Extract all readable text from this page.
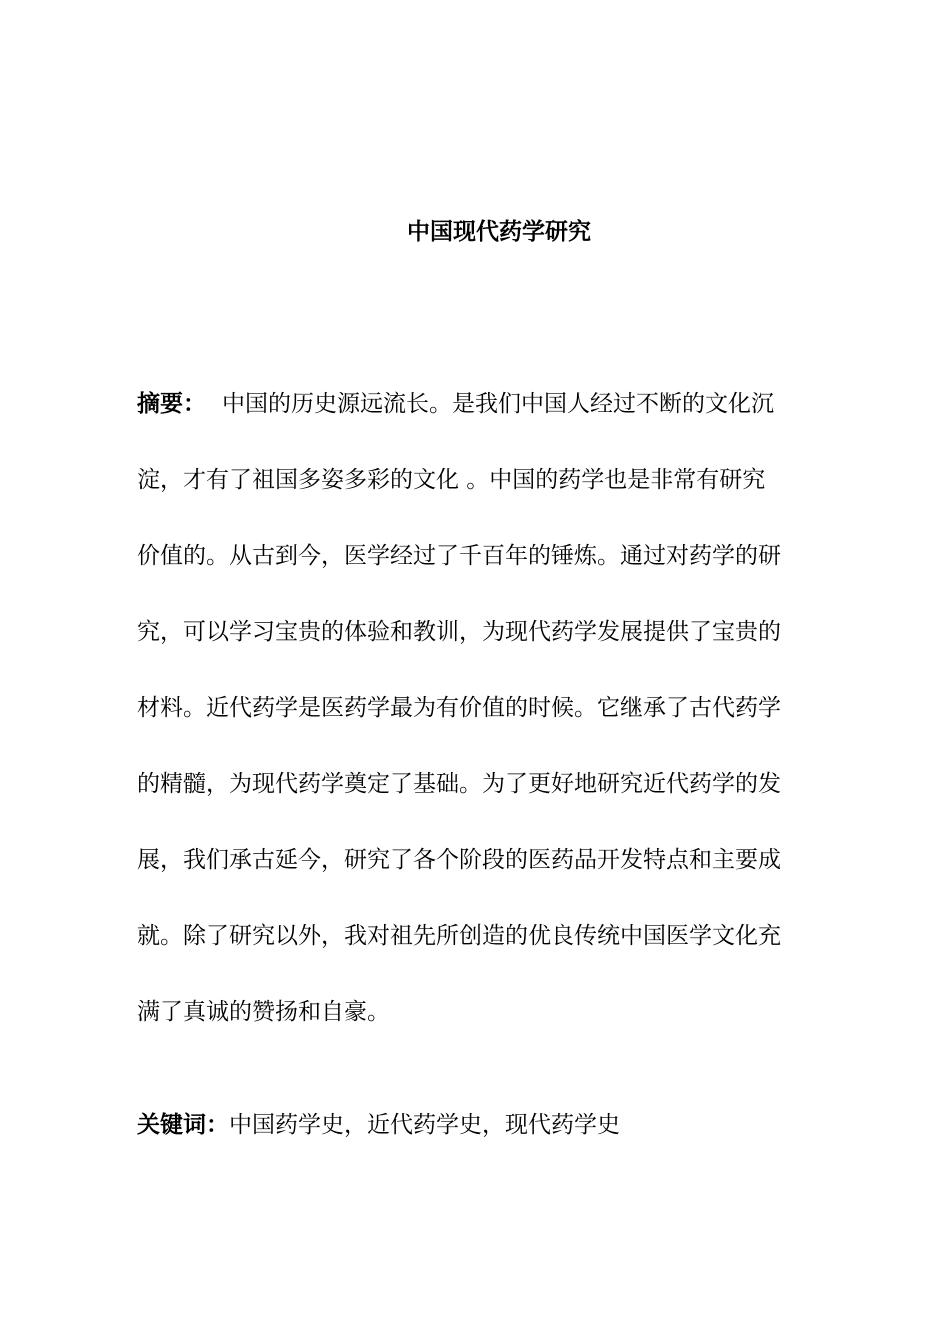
中国现代药学研究
摘要： 中国的历史源远流长。是我们中国人经过不断的文化沉
淀，才有了祖国多姿多彩的文化 。中国的药学也是非常有研究
价值的。从古到今，医学经过了千百年的锤炼。通过对药学的研
究，可以学习宝贵的体验和教训，为现代药学发展提供了宝贵的
材料。近代药学是医药学最为有价值的时候。它继承了古代药学
的精髓，为现代药学奠定了基础。为了更好地研究近代药学的发
展，我们承古延今，研究了各个阶段的医药品开发特点和主要成
就。除了研究以外，我对祖先所创造的优良传统中国医学文化充
满了真诚的赞扬和自豪。
关键词：中国药学史，近代药学史，现代药学史
